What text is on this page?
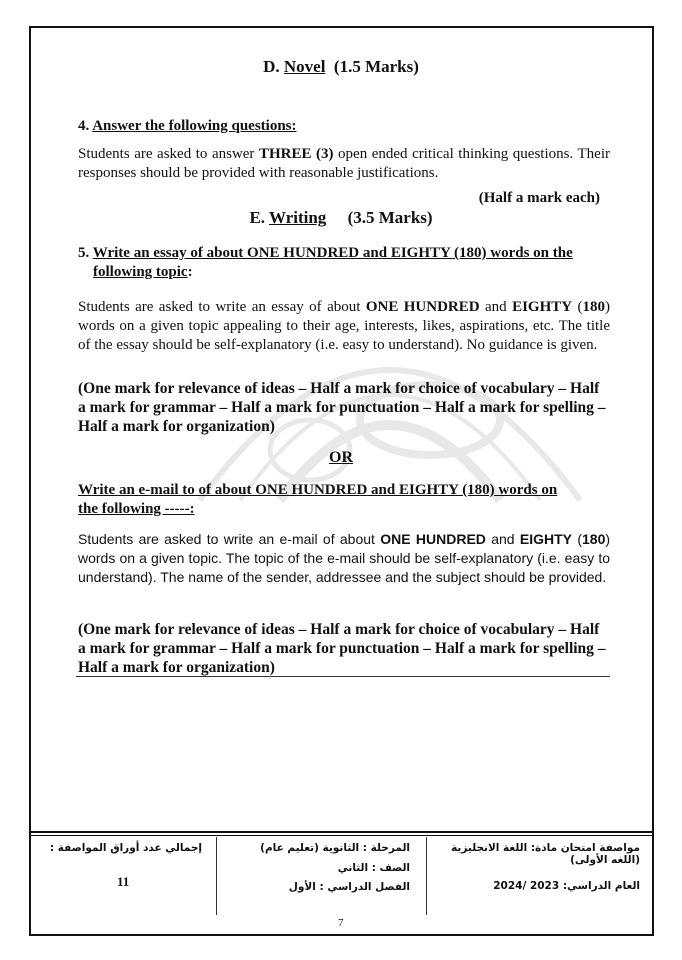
D. Novel (1.5 Marks)
4. Answer the following questions:
Students are asked to answer THREE (3) open ended critical thinking questions. Their responses should be provided with reasonable justifications.
(Half a mark each)
E. Writing (3.5 Marks)
5. Write an essay of about ONE HUNDRED and EIGHTY (180) words on the
following topic:
Students are asked to write an essay of about ONE HUNDRED and EIGHTY (180) words on a given topic appealing to their age, interests, likes, aspirations, etc. The title of the essay should be self-explanatory (i.e. easy to understand). No guidance is given.
(One mark for relevance of ideas – Half a mark for choice of vocabulary – Half a mark for grammar – Half a mark for punctuation – Half a mark for spelling – Half a mark for organization)
OR
Write an e-mail to of about ONE HUNDRED and EIGHTY (180) words on
the following -----:
Students are asked to write an e-mail of about ONE HUNDRED and EIGHTY (180) words on a given topic. The topic of the e-mail should be self-explanatory (i.e. easy to understand). The name of the sender, addressee and the subject should be provided.
(One mark for relevance of ideas – Half a mark for choice of vocabulary – Half a mark for grammar – Half a mark for punctuation – Half a mark for spelling – Half a mark for organization)
مواصفة امتحان مادة: اللغة الانجليزية (اللغه الأولى)
العام الدراسي: 2023 /2024
المرحلة : الثانوية (تعليم عام)
الصف : الثاني
الفصل الدراسي : الأول
إجمالي عدد أوراق المواصفة :
11
7
